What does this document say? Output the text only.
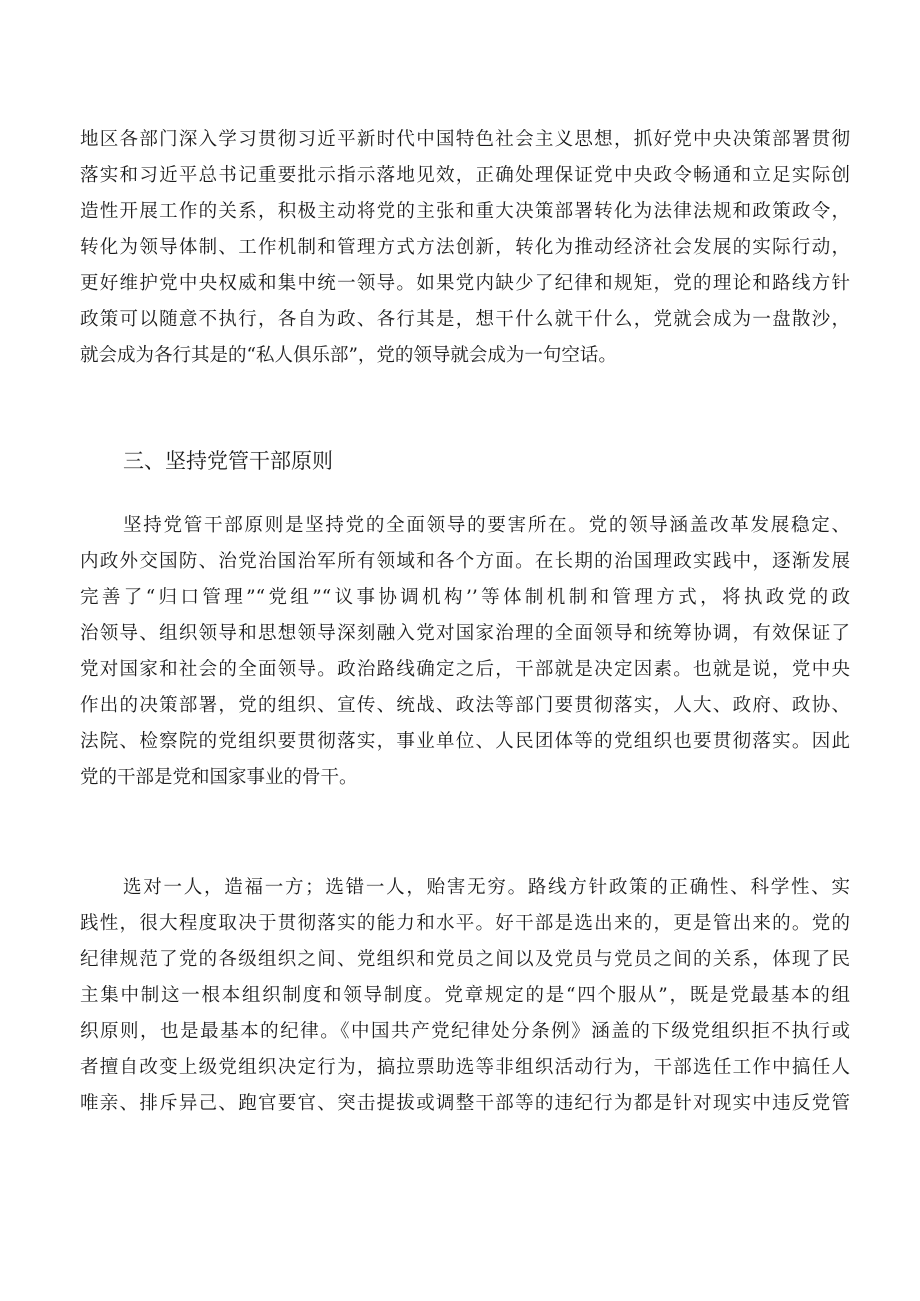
地区各部门深入学习贯彻习近平新时代中国特色社会主义思想，抓好党中央决策部署贯彻
落实和习近平总书记重要批示指示落地见效，正确处理保证党中央政令畅通和立足实际创
造性开展工作的关系，积极主动将党的主张和重大决策部署转化为法律法规和政策政令，
转化为领导体制、工作机制和管理方式方法创新，转化为推动经济社会发展的实际行动，
更好维护党中央权威和集中统一领导。如果党内缺少了纪律和规矩，党的理论和路线方针
政策可以随意不执行，各自为政、各行其是，想干什么就干什么，党就会成为一盘散沙，
就会成为各行其是的“私人俱乐部”，党的领导就会成为一句空话。
三、坚持党管干部原则
坚持党管干部原则是坚持党的全面领导的要害所在。党的领导涵盖改革发展稳定、
内政外交国防、治党治国治军所有领域和各个方面。在长期的治国理政实践中，逐渐发展
完善了“归口管理”“党组”“议事协调机构’’等体制机制和管理方式，将执政党的政
治领导、组织领导和思想领导深刻融入党对国家治理的全面领导和统筹协调，有效保证了
党对国家和社会的全面领导。政治路线确定之后，干部就是决定因素。也就是说，党中央
作出的决策部署，党的组织、宣传、统战、政法等部门要贯彻落实，人大、政府、政协、
法院、检察院的党组织要贯彻落实，事业单位、人民团体等的党组织也要贯彻落实。因此
党的干部是党和国家事业的骨干。
选对一人，造福一方；选错一人，贻害无穷。路线方针政策的正确性、科学性、实
践性，很大程度取决于贯彻落实的能力和水平。好干部是选出来的，更是管出来的。党的
纪律规范了党的各级组织之间、党组织和党员之间以及党员与党员之间的关系，体现了民
主集中制这一根本组织制度和领导制度。党章规定的是“四个服从”，既是党最基本的组
织原则，也是最基本的纪律。《中国共产党纪律处分条例》涵盖的下级党组织拒不执行或
者擅自改变上级党组织决定行为，搞拉票助选等非组织活动行为，干部选任工作中搞任人
唯亲、排斥异己、跑官要官、突击提拔或调整干部等的违纪行为都是针对现实中违反党管
